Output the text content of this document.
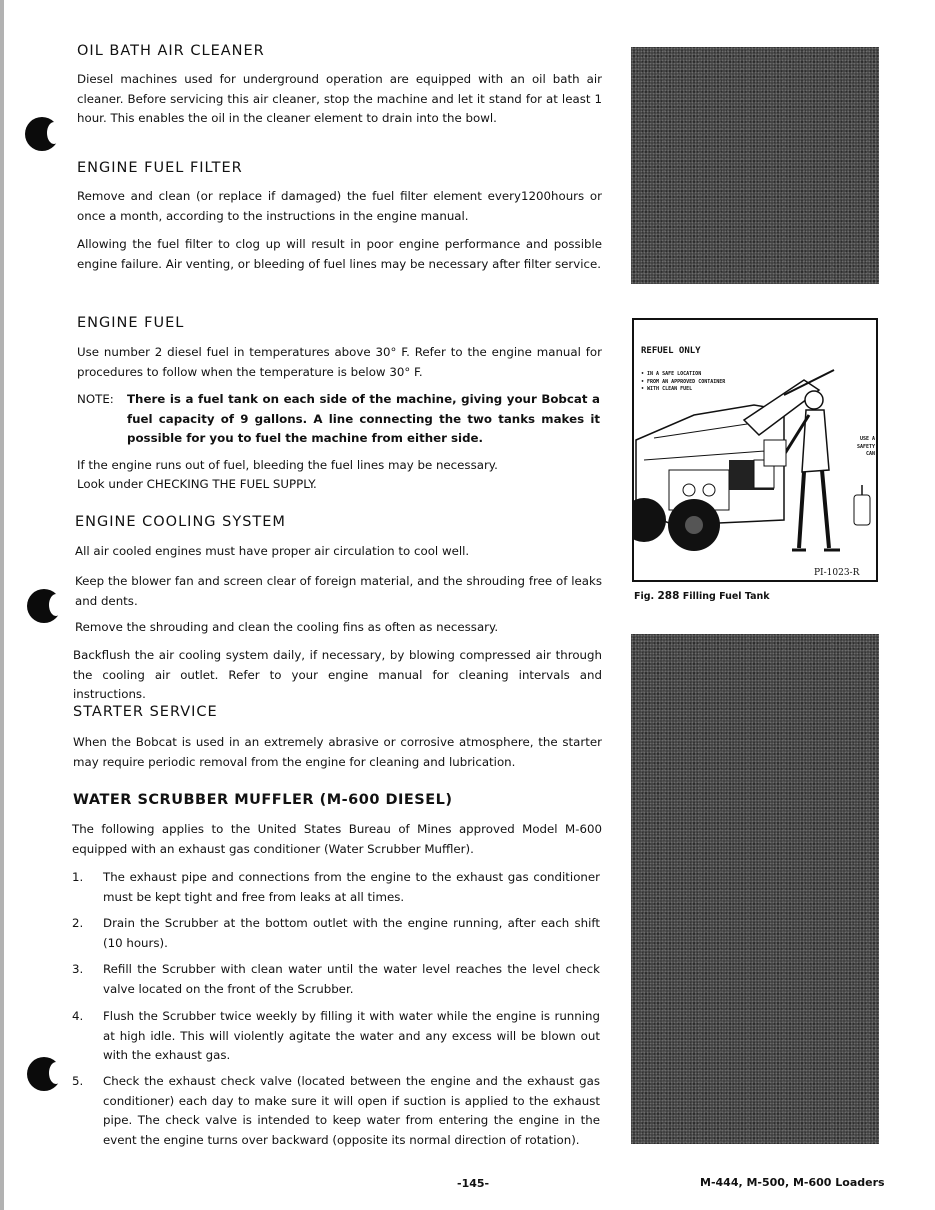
OIL BATH AIR CLEANER

Diesel machines used for underground operation are equipped with an oil bath air cleaner. Before servicing this air cleaner, stop the machine and let it stand for at least 1 hour. This enables the oil in the cleaner element to drain into the bowl.

ENGINE FUEL FILTER

Remove and clean (or replace if damaged) the fuel filter element every1200hours or once a month, according to the instructions in the engine manual.

Allowing the fuel filter to clog up will result in poor engine performance and possible engine failure. Air venting, or bleeding of fuel lines may be necessary after filter service.

ENGINE FUEL

Use number 2 diesel fuel in temperatures above 30° F. Refer to the engine manual for procedures to follow when the temperature is below 30° F.

NOTE: There is a fuel tank on each side of the machine, giving your Bobcat a fuel capacity of 9 gallons. A line connecting the two tanks makes it possible for you to fuel the machine from either side.

If the engine runs out of fuel, bleeding the fuel lines may be necessary.

Look under CHECKING THE FUEL SUPPLY.

ENGINE COOLING SYSTEM

All air cooled engines must have proper air circulation to cool well.

Keep the blower fan and screen clear of foreign material, and the shrouding free of leaks and dents.

Remove the shrouding and clean the cooling fins as often as necessary.

Backflush the air cooling system daily, if necessary, by blowing compressed air through the cooling air outlet. Refer to your engine manual for cleaning intervals and instructions.

STARTER SERVICE

When the Bobcat is used in an extremely abrasive or corrosive atmosphere, the starter may require periodic removal from the engine for cleaning and lubrication.

WATER SCRUBBER MUFFLER (M-600 DIESEL)

The following applies to the United States Bureau of Mines approved Model M-600 equipped with an exhaust gas conditioner (Water Scrubber Muffler).

1. The exhaust pipe and connections from the engine to the exhaust gas conditioner must be kept tight and free from leaks at all times.
2. Drain the Scrubber at the bottom outlet with the engine running, after each shift (10 hours).
3. Refill the Scrubber with clean water until the water level reaches the level check valve located on the front of the Scrubber.
4. Flush the Scrubber twice weekly by filling it with water while the engine is running at high idle. This will violently agitate the water and any excess will be blown out with the exhaust gas.
5. Check the exhaust check valve (located between the engine and the exhaust gas conditioner) each day to make sure it will open if suction is applied to the exhaust pipe. The check valve is intended to keep water from entering the engine in the event the engine turns over backward (opposite its normal direction of rotation).
REFUEL ONLY
• IN A SAFE LOCATION
• FROM AN APPROVED CONTAINER
• WITH CLEAN FUEL
USE A
SAFETY
CAN
PI-1023-R
Fig. 288 Filling Fuel Tank
-145-	M-444, M-500, M-600 Loaders
